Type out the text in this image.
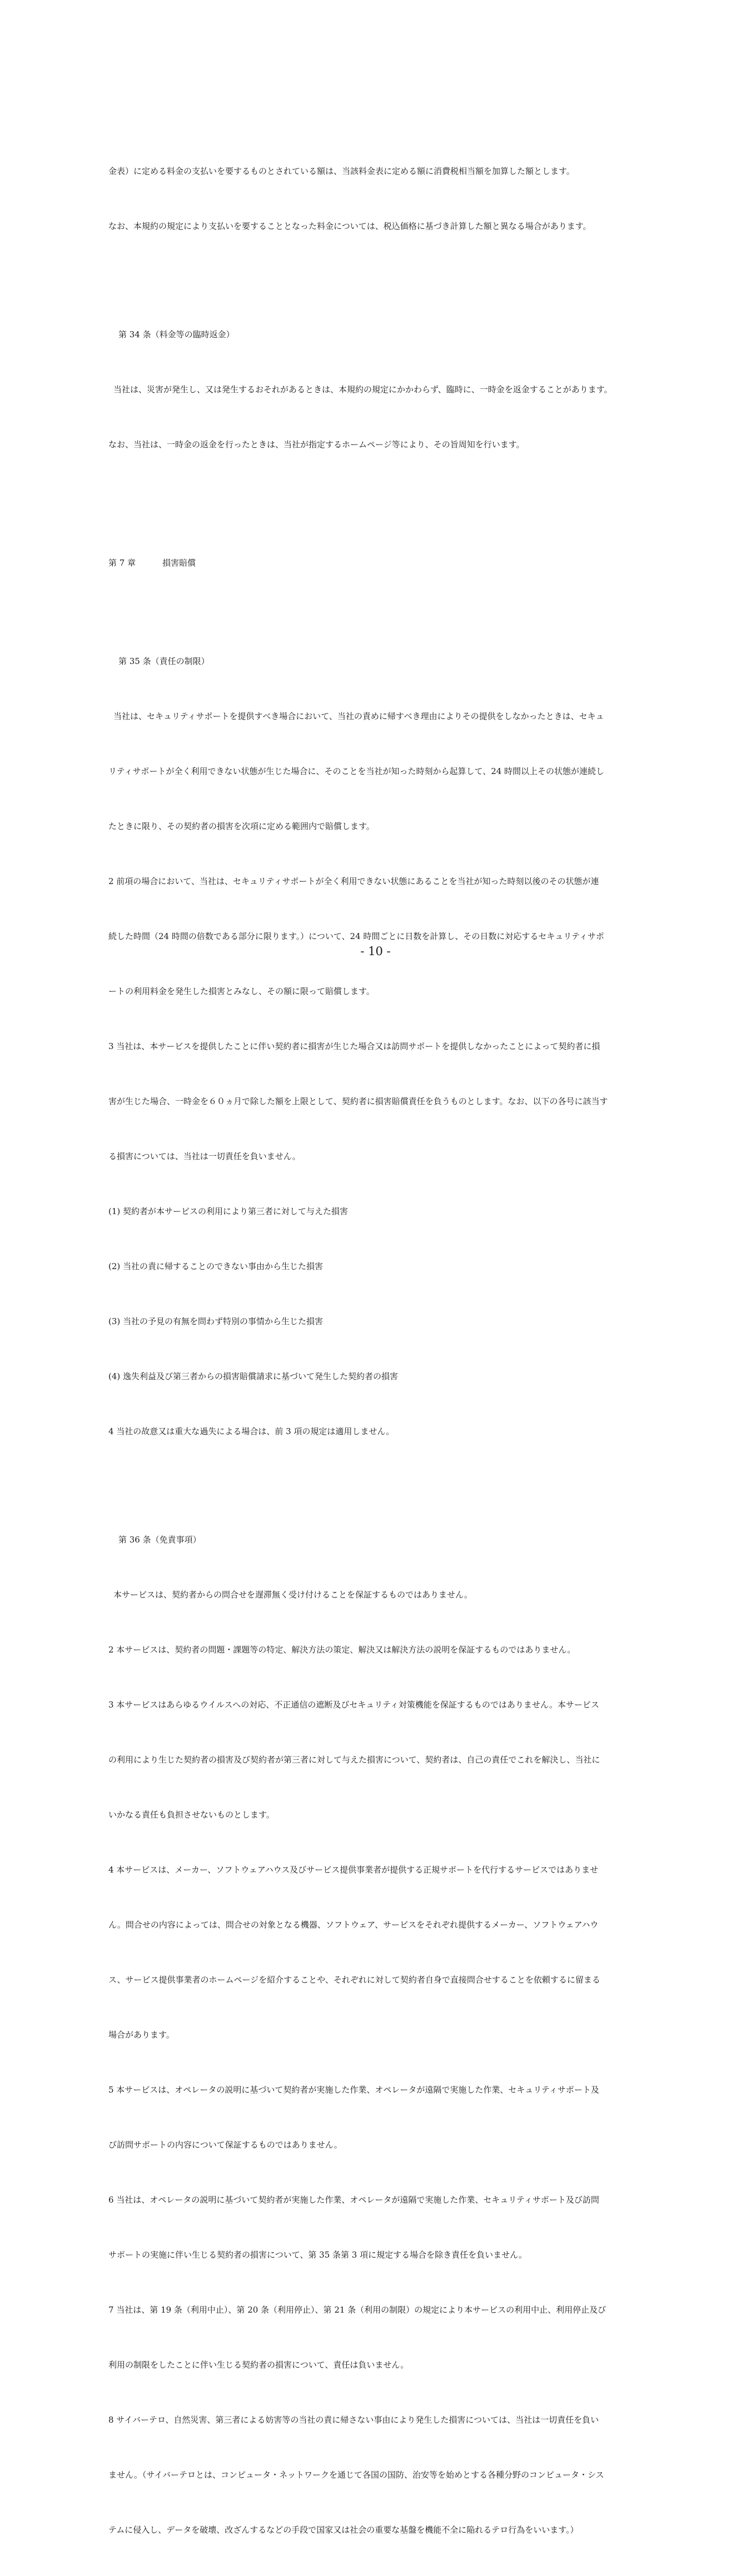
金表）に定める料金の支払いを要するものとされている額は、当該料金表に定める額に消費税相当額を加算した額とします。

なお、本規約の規定により支払いを要することとなった料金については、税込価格に基づき計算した額と異なる場合があります。

第 34 条（料金等の臨時返金）

当社は、災害が発生し、又は発生するおそれがあるときは、本規約の規定にかかわらず、臨時に、一時金を返金することがあります。

なお、当社は、一時金の返金を行ったときは、当社が指定するホームページ等により、その旨周知を行います。

第 7 章	損害賠償

第 35 条（責任の制限）

当社は、セキュリティサポートを提供すべき場合において、当社の責めに帰すべき理由によりその提供をしなかったときは、セキュ

リティサポートが全く利用できない状態が生じた場合に、そのことを当社が知った時刻から起算して、24 時間以上その状態が連続し

たときに限り、その契約者の損害を次項に定める範囲内で賠償します。

2 前項の場合において、当社は、セキュリティサポートが全く利用できない状態にあることを当社が知った時刻以後のその状態が連

続した時間（24 時間の倍数である部分に限ります。）について、24 時間ごとに日数を計算し、その日数に対応するセキュリティサポ

ートの利用料金を発生した損害とみなし、その額に限って賠償します。

3 当社は、本サービスを提供したことに伴い契約者に損害が生じた場合又は訪問サポートを提供しなかったことによって契約者に損

害が生じた場合、一時金を６０ヵ月で除した額を上限として、契約者に損害賠償責任を負うものとします。なお、以下の各号に該当す

る損害については、当社は一切責任を負いません。

(1) 契約者が本サービスの利用により第三者に対して与えた損害

(2) 当社の責に帰することのできない事由から生じた損害

(3) 当社の予見の有無を問わず特別の事情から生じた損害

(4) 逸失利益及び第三者からの損害賠償請求に基づいて発生した契約者の損害

4 当社の故意又は重大な過失による場合は、前 3 項の規定は適用しません。

第 36 条（免責事項）

本サービスは、契約者からの問合せを遅滞無く受け付けることを保証するものではありません。

2 本サービスは、契約者の問題・課題等の特定、解決方法の策定、解決又は解決方法の説明を保証するものではありません。

3 本サービスはあらゆるウイルスへの対応、不正通信の遮断及びセキュリティ対策機能を保証するものではありません。本サービス

の利用により生じた契約者の損害及び契約者が第三者に対して与えた損害について、契約者は、自己の責任でこれを解決し、当社に

いかなる責任も負担させないものとします。

4 本サービスは、メーカー、ソフトウェアハウス及びサービス提供事業者が提供する正規サポートを代行するサービスではありませ

ん。問合せの内容によっては、問合せの対象となる機器、ソフトウェア、サービスをそれぞれ提供するメーカー、ソフトウェアハウ

ス、サービス提供事業者のホームページを紹介することや、それぞれに対して契約者自身で直接問合せすることを依頼するに留まる

場合があります。

5 本サービスは、オペレータの説明に基づいて契約者が実施した作業、オペレータが遠隔で実施した作業、セキュリティサポート及

び訪問サポートの内容について保証するものではありません。

6 当社は、オペレータの説明に基づいて契約者が実施した作業、オペレータが遠隔で実施した作業、セキュリティサポート及び訪問

サポートの実施に伴い生じる契約者の損害について、第 35 条第 3 項に規定する場合を除き責任を負いません。

7 当社は、第 19 条（利用中止）、第 20 条（利用停止）、第 21 条（利用の制限）の規定により本サービスの利用中止、利用停止及び

利用の制限をしたことに伴い生じる契約者の損害について、責任は負いません。

8 サイバーテロ、自然災害、第三者による妨害等の当社の責に帰さない事由により発生した損害については、当社は一切責任を負い

ません。（サイバーテロとは、コンピュータ・ネットワークを通じて各国の国防、治安等を始めとする各種分野のコンピュータ・シス

テムに侵入し、データを破壊、改ざんするなどの手段で国家又は社会の重要な基盤を機能不全に陥れるテロ行為をいいます。）

- 10 -
